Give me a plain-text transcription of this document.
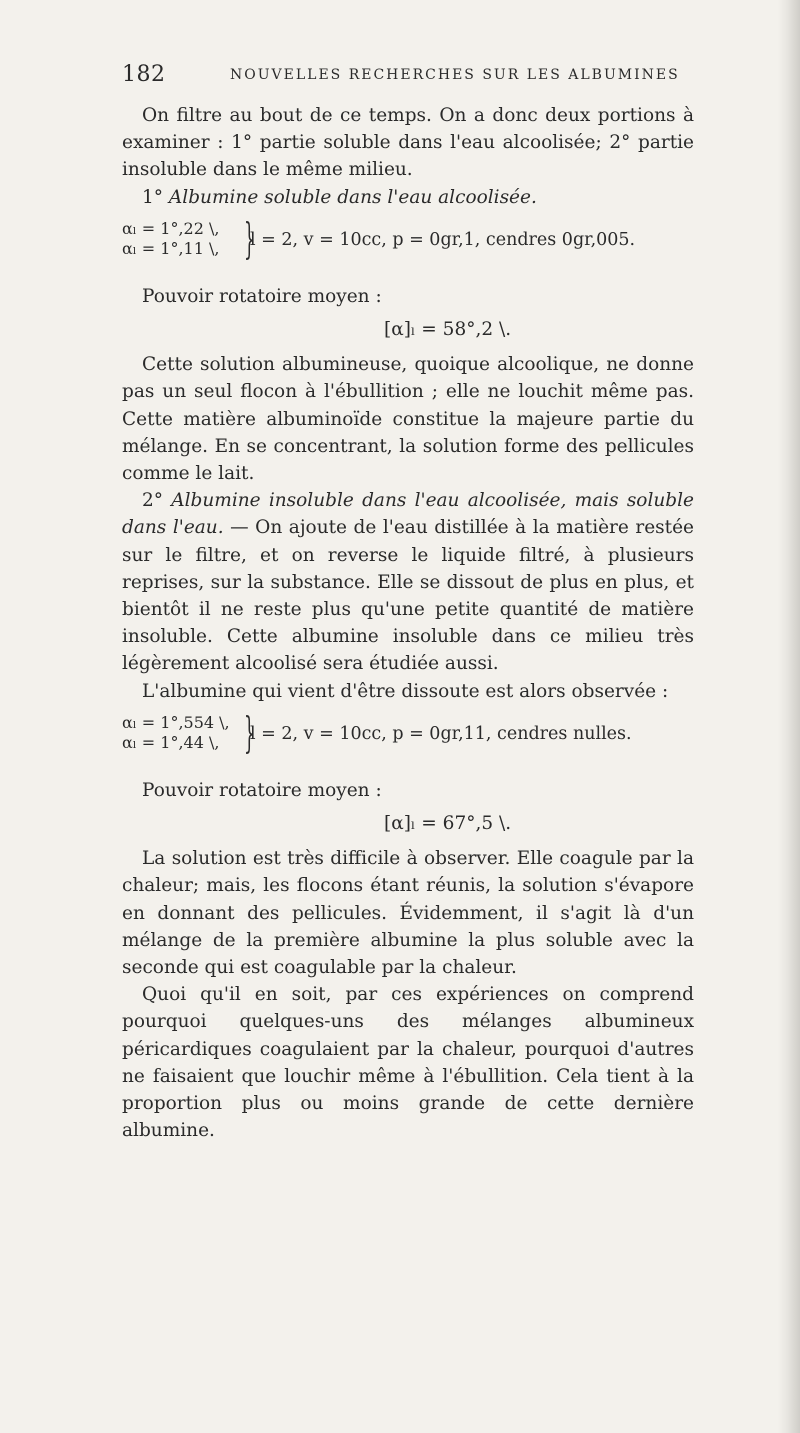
182	NOUVELLES RECHERCHES SUR LES ALBUMINES

On filtre au bout de ce temps. On a donc deux portions à examiner : 1° partie soluble dans l'eau alcoolisée; 2° partie insoluble dans le même milieu.

1° Albumine soluble dans l'eau alcoolisée.

αₗ = 1°,22 \,
αₗ = 1°,11 \, }
l = 2, v = 10cc, p = 0gr,1, cendres 0gr,005.

Pouvoir rotatoire moyen :

[α]ₗ = 58°,2 \.

Cette solution albumineuse, quoique alcoolique, ne donne pas un seul flocon à l'ébullition ; elle ne louchit même pas. Cette matière albuminoïde constitue la majeure partie du mélange. En se concentrant, la solution forme des pellicules comme le lait.

2° Albumine insoluble dans l'eau alcoolisée, mais soluble dans l'eau. — On ajoute de l'eau distillée à la matière restée sur le filtre, et on reverse le liquide filtré, à plusieurs reprises, sur la substance. Elle se dissout de plus en plus, et bientôt il ne reste plus qu'une petite quantité de matière insoluble. Cette albumine insoluble dans ce milieu très légèrement alcoolisé sera étudiée aussi.

L'albumine qui vient d'être dissoute est alors observée :

αₗ = 1°,554 \,
αₗ = 1°,44 \, }
l = 2, v = 10cc, p = 0gr,11, cendres nulles.

Pouvoir rotatoire moyen :

[α]ₗ = 67°,5 \.

La solution est très difficile à observer. Elle coagule par la chaleur; mais, les flocons étant réunis, la solution s'évapore en donnant des pellicules. Évidemment, il s'agit là d'un mélange de la première albumine la plus soluble avec la seconde qui est coagulable par la chaleur.

Quoi qu'il en soit, par ces expériences on comprend pourquoi quelques-uns des mélanges albumineux péricardiques coagulaient par la chaleur, pourquoi d'autres ne faisaient que louchir même à l'ébullition. Cela tient à la proportion plus ou moins grande de cette dernière albumine.
